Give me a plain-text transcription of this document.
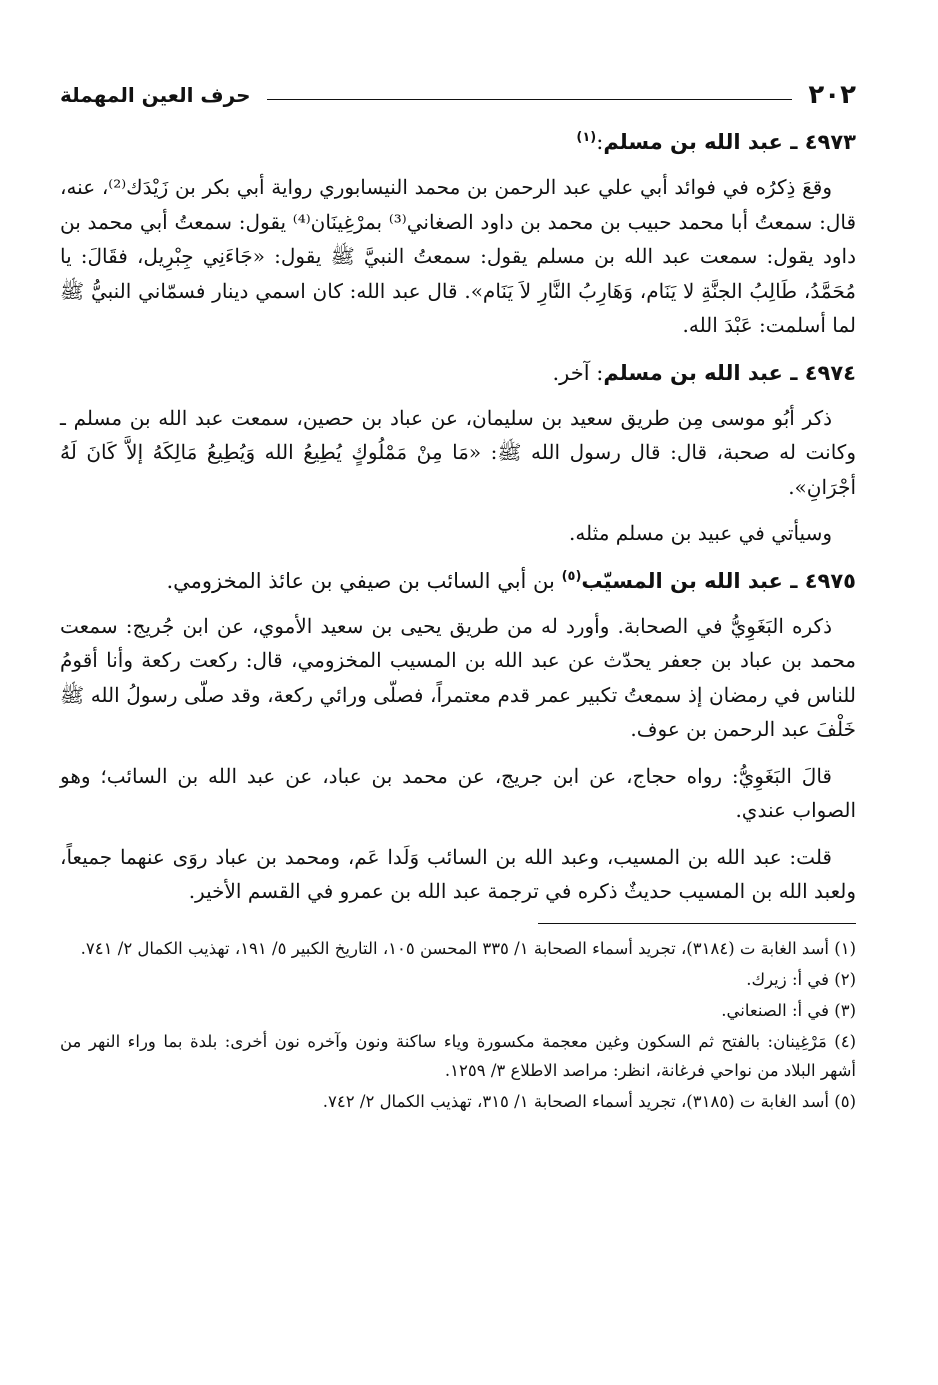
٢٠٢
حرف العين المهملة
٤٩٧٣ ـ عبد الله بن مسلم:$^{(١)}$

وقعَ ذِكرُه في فوائد أبي علي عبد الرحمن بن محمد النيسابوري رواية أبي بكر بن زَيْدَك⁽²⁾، عنه، قال: سمعتُ أبا محمد حبيب بن محمد بن داود الصغاني⁽³⁾ بمرْغِينَان⁽⁴⁾ يقول: سمعتُ أبي محمد بن داود يقول: سمعت عبد الله بن مسلم يقول: سمعتُ النبيَّ ﷺ يقول: «جَاءَنِي جِبْرِيل، فقَالَ: يا مُحَمَّدُ، طَالِبُ الجنَّةِ لا يَنَام، وَهَارِبُ النَّارِ لاَ يَنَام». قال عبد الله: كان اسمي دينار فسمّاني النبيُّ ﷺ لما أسلمت: عَبْدَ الله.

٤٩٧٤ ـ عبد الله بن مسلم: آخر.

ذكر أبُو موسى مِن طريق سعيد بن سليمان، عن عباد بن حصين، سمعت عبد الله بن مسلم ـ وكانت له صحبة، قال: قال رسول الله ﷺ: «مَا مِنْ مَمْلُوكٍ يُطِيعُ الله وَيُطِيعُ مَالِكَهُ إلاَّ كَانَ لَهُ أجْرَانِ».

وسيأتي في عبيد بن مسلم مثله.

٤٩٧٥ ـ عبد الله بن المسيّب$^{(٥)}$ بن أبي السائب بن صيفي بن عائذ المخزومي.

ذكره البَغَوِيُّ في الصحابة. وأورد له من طريق يحيى بن سعيد الأموي، عن ابن جُريج: سمعت محمد بن عباد بن جعفر يحدّث عن عبد الله بن المسيب المخزومي، قال: ركعت ركعة وأنا أقومُ للناس في رمضان إذ سمعتُ تكبير عمر قدم معتمراً، فصلّى ورائي ركعة، وقد صلّى رسولُ الله ﷺ خَلْفَ عبد الرحمن بن عوف.

قالَ البَغَوِيُّ: رواه حجاج، عن ابن جريج، عن محمد بن عباد، عن عبد الله بن السائب؛ وهو الصواب عندي.

قلت: عبد الله بن المسيب، وعبد الله بن السائب وَلَدا عَم، ومحمد بن عباد روَى عنهما جميعاً، ولعبد الله بن المسيب حديثٌ ذكره في ترجمة عبد الله بن عمرو في القسم الأخير.

(١) أسد الغابة ت (٣١٨٤)، تجريد أسماء الصحابة ١/ ٣٣٥ المحسن ١٠٥، التاريخ الكبير ٥/ ١٩١، تهذيب الكمال ٢/ ٧٤١.

(٢) في أ: زيرك.

(٣) في أ: الصنعاني.

(٤) مَرْغِينان: بالفتح ثم السكون وغين معجمة مكسورة وياء ساكنة ونون وآخره نون أخرى: بلدة بما وراء النهر من أشهر البلاد من نواحي فرغانة، انظر: مراصد الاطلاع ٣/ ١٢٥٩.

(٥) أسد الغابة ت (٣١٨٥)، تجريد أسماء الصحابة ١/ ٣١٥، تهذيب الكمال ٢/ ٧٤٢.
